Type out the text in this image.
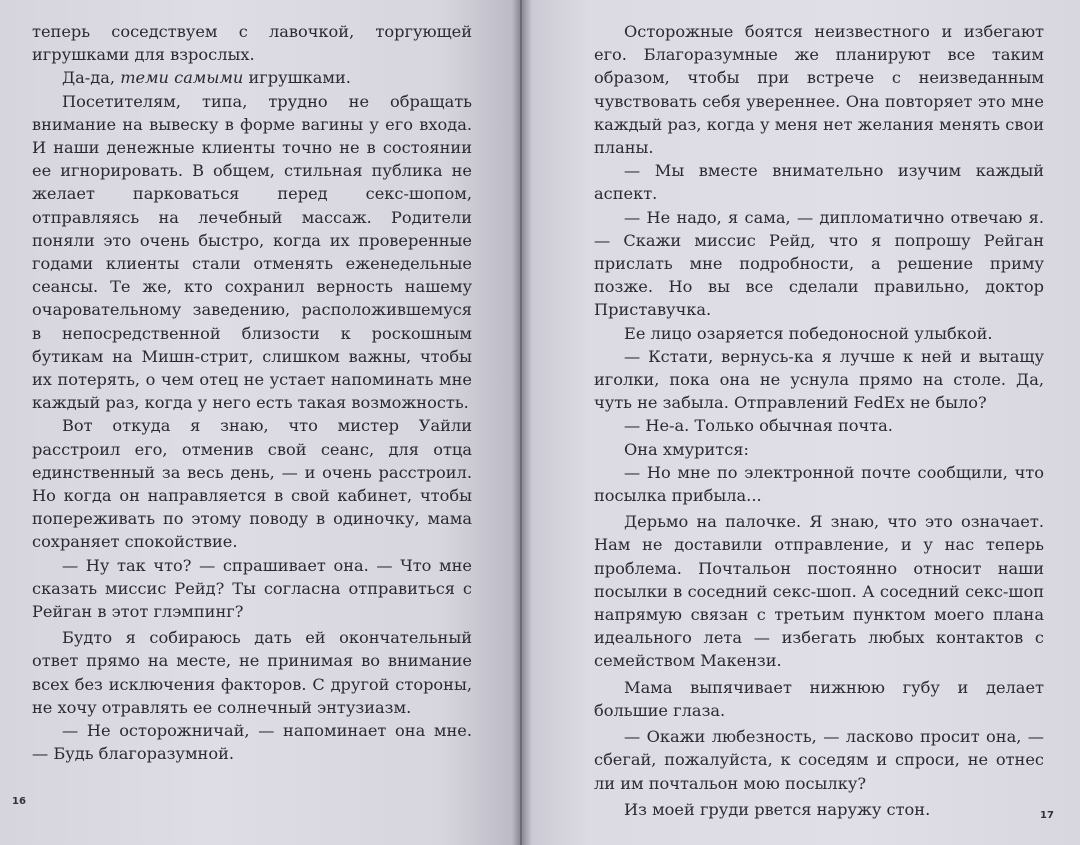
теперь соседствуем с лавочкой, торгующей игрушками для взрослых.

Да-да, теми самыми игрушками.

Посетителям, типа, трудно не обращать внимание на вывеску в форме вагины у его входа. И наши денежные клиенты точно не в состоянии ее игнорировать. В общем, стильная публика не желает парковаться перед секс-шопом, отправляясь на лечебный массаж. Родители поняли это очень быстро, когда их проверенные годами клиенты стали отменять еженедельные сеансы. Те же, кто сохранил верность нашему очаровательному заведению, расположившемуся в непосредственной близости к роскошным бутикам на Мишн-стрит, слишком важны, чтобы их потерять, о чем отец не устает напоминать мне каждый раз, когда у него есть такая возможность.

Вот откуда я знаю, что мистер Уайли расстроил его, отменив свой сеанс, для отца единственный за весь день, — и очень расстроил. Но когда он направляется в свой кабинет, чтобы попереживать по этому поводу в одиночку, мама сохраняет спокойствие.

— Ну так что? — спрашивает она. — Что мне сказать миссис Рейд? Ты согласна отправиться с Рейган в этот глэмпинг?

Будто я собираюсь дать ей окончательный ответ прямо на месте, не принимая во внимание всех без исключения факторов. С другой стороны, не хочу отравлять ее солнечный энтузиазм.

— Не осторожничай, — напоминает она мне. — Будь благоразумной.

16

Осторожные боятся неизвестного и избегают его. Благоразумные же планируют все таким образом, чтобы при встрече с неизведанным чувствовать себя увереннее. Она повторяет это мне каждый раз, когда у меня нет желания менять свои планы.

— Мы вместе внимательно изучим каждый аспект.

— Не надо, я сама, — дипломатично отвечаю я. — Скажи миссис Рейд, что я попрошу Рейган прислать мне подробности, а решение приму позже. Но вы все сделали правильно, доктор Приставучка.

Ее лицо озаряется победоносной улыбкой.

— Кстати, вернусь-ка я лучше к ней и вытащу иголки, пока она не уснула прямо на столе. Да, чуть не забыла. Отправлений FedEx не было?

— Не-а. Только обычная почта.

Она хмурится:

— Но мне по электронной почте сообщили, что посылка прибыла...

Дерьмо на палочке. Я знаю, что это означает. Нам не доставили отправление, и у нас теперь проблема. Почтальон постоянно относит наши посылки в соседний секс-шоп. А соседний секс-шоп напрямую связан с третьим пунктом моего плана идеального лета — избегать любых контактов с семейством Макензи.

Мама выпячивает нижнюю губу и делает большие глаза.

— Окажи любезность, — ласково просит она, — сбегай, пожалуйста, к соседям и спроси, не отнес ли им почтальон мою посылку?

Из моей груди рвется наружу стон.	17
